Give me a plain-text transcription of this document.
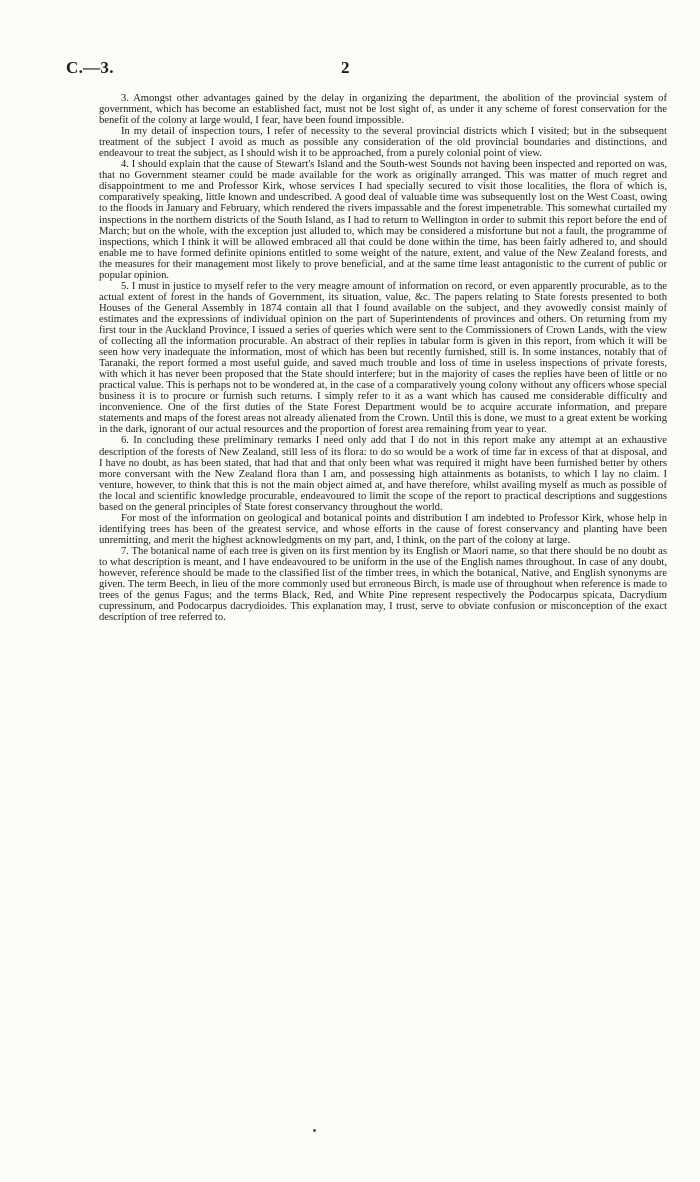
C.—3.	2

3. Amongst other advantages gained by the delay in organizing the department, the abolition of the provincial system of government, which has become an established fact, must not be lost sight of, as under it any scheme of forest conservation for the benefit of the colony at large would, I fear, have been found impossible.

In my detail of inspection tours, I refer of necessity to the several provincial districts which I visited; but in the subsequent treatment of the subject I avoid as much as possible any consideration of the old provincial boundaries and distinctions, and endeavour to treat the subject, as I should wish it to be approached, from a purely colonial point of view.

4. I should explain that the cause of Stewart's Island and the South-west Sounds not having been inspected and reported on was, that no Government steamer could be made available for the work as originally arranged. This was matter of much regret and disappointment to me and Professor Kirk, whose services I had specially secured to visit those localities, the flora of which is, comparatively speaking, little known and undescribed. A good deal of valuable time was subsequently lost on the West Coast, owing to the floods in January and February, which rendered the rivers impassable and the forest impenetrable. This somewhat curtailed my inspections in the northern districts of the South Island, as I had to return to Wellington in order to submit this report before the end of March; but on the whole, with the exception just alluded to, which may be considered a misfortune but not a fault, the programme of inspections, which I think it will be allowed embraced all that could be done within the time, has been fairly adhered to, and should enable me to have formed definite opinions entitled to some weight of the nature, extent, and value of the New Zealand forests, and the measures for their management most likely to prove beneficial, and at the same time least antagonistic to the current of public or popular opinion.

5. I must in justice to myself refer to the very meagre amount of information on record, or even apparently procurable, as to the actual extent of forest in the hands of Government, its situation, value, &c. The papers relating to State forests presented to both Houses of the General Assembly in 1874 contain all that I found available on the subject, and they avowedly consist mainly of estimates and the expressions of individual opinion on the part of Superintendents of provinces and others. On returning from my first tour in the Auckland Province, I issued a series of queries which were sent to the Commissioners of Crown Lands, with the view of collecting all the information procurable. An abstract of their replies in tabular form is given in this report, from which it will be seen how very inadequate the information, most of which has been but recently furnished, still is. In some instances, notably that of Taranaki, the report formed a most useful guide, and saved much trouble and loss of time in useless inspections of private forests, with which it has never been proposed that the State should interfere; but in the majority of cases the replies have been of little or no practical value. This is perhaps not to be wondered at, in the case of a comparatively young colony without any officers whose special business it is to procure or furnish such returns. I simply refer to it as a want which has caused me considerable difficulty and inconvenience. One of the first duties of the State Forest Department would be to acquire accurate information, and prepare statements and maps of the forest areas not already alienated from the Crown. Until this is done, we must to a great extent be working in the dark, ignorant of our actual resources and the proportion of forest area remaining from year to year.

6. In concluding these preliminary remarks I need only add that I do not in this report make any attempt at an exhaustive description of the forests of New Zealand, still less of its flora: to do so would be a work of time far in excess of that at disposal, and I have no doubt, as has been stated, that had that and that only been what was required it might have been furnished better by others more conversant with the New Zealand flora than I am, and possessing high attainments as botanists, to which I lay no claim. I venture, however, to think that this is not the main object aimed at, and have therefore, whilst availing myself as much as possible of the local and scientific knowledge procurable, endeavoured to limit the scope of the report to practical descriptions and suggestions based on the general principles of State forest conservancy throughout the world.

For most of the information on geological and botanical points and distribution I am indebted to Professor Kirk, whose help in identifying trees has been of the greatest service, and whose efforts in the cause of forest conservancy and planting have been unremitting, and merit the highest acknowledgments on my part, and, I think, on the part of the colony at large.

7. The botanical name of each tree is given on its first mention by its English or Maori name, so that there should be no doubt as to what description is meant, and I have endeavoured to be uniform in the use of the English names throughout. In case of any doubt, however, reference should be made to the classified list of the timber trees, in which the botanical, Native, and English synonyms are given. The term Beech, in lieu of the more commonly used but erroneous Birch, is made use of throughout when reference is made to trees of the genus Fagus; and the terms Black, Red, and White Pine represent respectively the Podocarpus spicata, Dacrydium cupressinum, and Podocarpus dacrydioides. This explanation may, I trust, serve to obviate confusion or misconception of the exact description of tree referred to.
